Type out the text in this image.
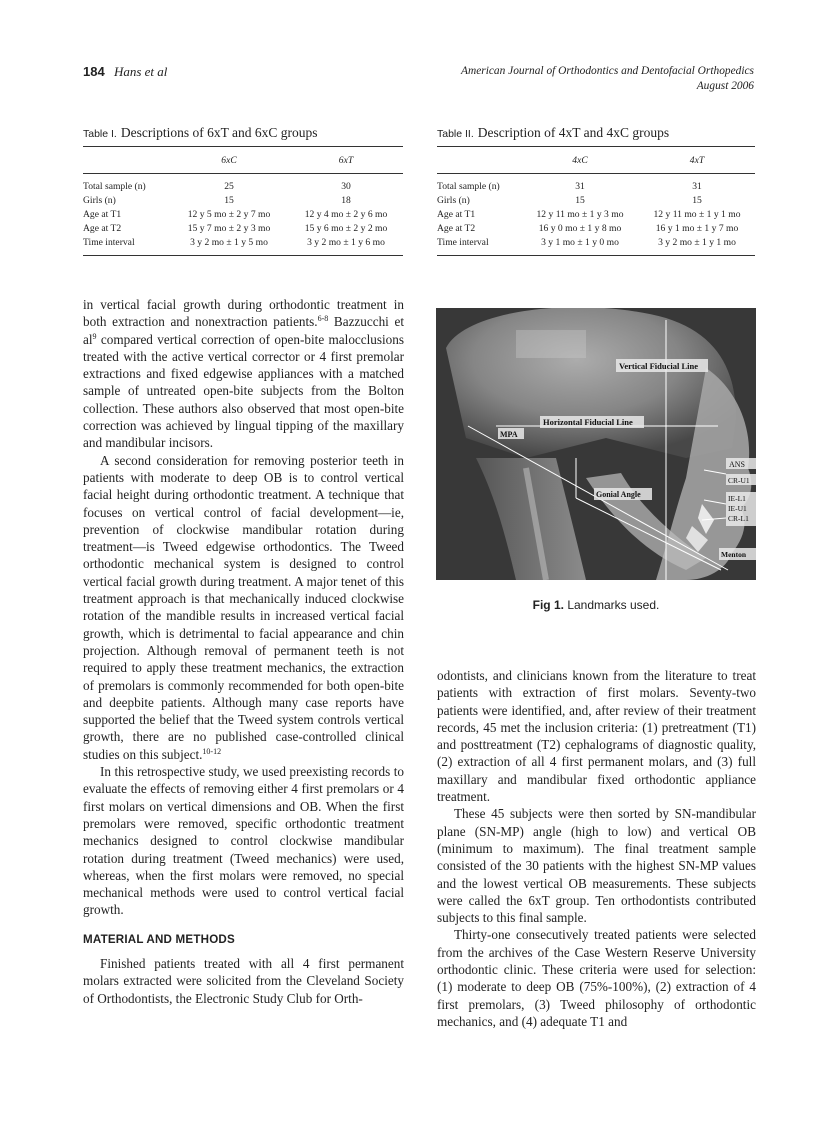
184 Hans et al	American Journal of Orthodontics and Dentofacial Orthopedics
August 2006
Table I. Descriptions of 6xT and 6xC groups
	6xC	6xT
Total sample (n)	25	30
Girls (n)	15	18
Age at T1	12 y 5 mo ± 2 y 7 mo	12 y 4 mo ± 2 y 6 mo
Age at T2	15 y 7 mo ± 2 y 3 mo	15 y 6 mo ± 2 y 2 mo
Time interval	3 y 2 mo ± 1 y 5 mo	3 y 2 mo ± 1 y 6 mo
Table II. Description of 4xT and 4xC groups
	4xC	4xT
Total sample (n)	31	31
Girls (n)	15	15
Age at T1	12 y 11 mo ± 1 y 3 mo	12 y 11 mo ± 1 y 1 mo
Age at T2	16 y 0 mo ± 1 y 8 mo	16 y 1 mo ± 1 y 7 mo
Time interval	3 y 1 mo ± 1 y 0 mo	3 y 2 mo ± 1 y 1 mo

in vertical facial growth during orthodontic treatment in both extraction and nonextraction patients.$^{6-8}$ Bazzucchi et $al^9$ compared vertical correction of open-bite malocclusions treated with the active vertical corrector or 4 first premolar extractions and fixed edgewise appliances with a matched sample of untreated open-bite subjects from the Bolton collection. These authors also observed that most open-bite correction was achieved by lingual tipping of the maxillary and mandibular incisors.

A second consideration for removing posterior teeth in patients with moderate to deep OB is to control vertical facial height during orthodontic treatment. A technique that focuses on vertical control of facial development—ie, prevention of clockwise mandibular rotation during treatment—is Tweed edgewise orthodontics. The Tweed orthodontic mechanical system is designed to control vertical facial growth during treatment. A major tenet of this treatment approach is that mechanically induced clockwise rotation of the mandible results in increased vertical facial growth, which is detrimental to facial appearance and chin projection. Although removal of permanent teeth is not required to apply these treatment mechanics, the extraction of premolars is commonly recommended for both open-bite and deepbite patients. Although many case reports have supported the belief that the Tweed system controls vertical growth, there are no published case-controlled clinical studies on this subject.$^{10-12}$

In this retrospective study, we used preexisting records to evaluate the effects of removing either 4 first premolars or 4 first molars on vertical dimensions and OB. When the first premolars were removed, specific orthodontic treatment mechanics designed to control clockwise mandibular rotation during treatment (Tweed mechanics) were used, whereas, when the first molars were removed, no special mechanical methods were used to control vertical facial growth.

MATERIAL AND METHODS

Finished patients treated with all 4 first permanent molars extracted were solicited from the Cleveland Society of Orthodontists, the Electronic Study Club for Orth-

Vertical Fiducial Line
Horizontal Fiducial Line
MPA
Gonial Angle
ANS
CR-U1
IE-L1
IE-U1
CR-L1
Menton
Fig 1. Landmarks used.

odontists, and clinicians known from the literature to treat patients with extraction of first molars. Seventy-two patients were identified, and, after review of their treatment records, 45 met the inclusion criteria: (1) pretreatment (T1) and posttreatment (T2) cephalograms of diagnostic quality, (2) extraction of all 4 first permanent molars, and (3) full maxillary and mandibular fixed orthodontic appliance treatment.

These 45 subjects were then sorted by SN-mandibular plane (SN-MP) angle (high to low) and vertical OB (minimum to maximum). The final treatment sample consisted of the 30 patients with the highest SN-MP values and the lowest vertical OB measurements. These subjects were called the 6xT group. Ten orthodontists contributed subjects to this final sample.

Thirty-one consecutively treated patients were selected from the archives of the Case Western Reserve University orthodontic clinic. These criteria were used for selection: (1) moderate to deep OB (75%-100%), (2) extraction of 4 first premolars, (3) Tweed philosophy of orthodontic mechanics, and (4) adequate T1 and
